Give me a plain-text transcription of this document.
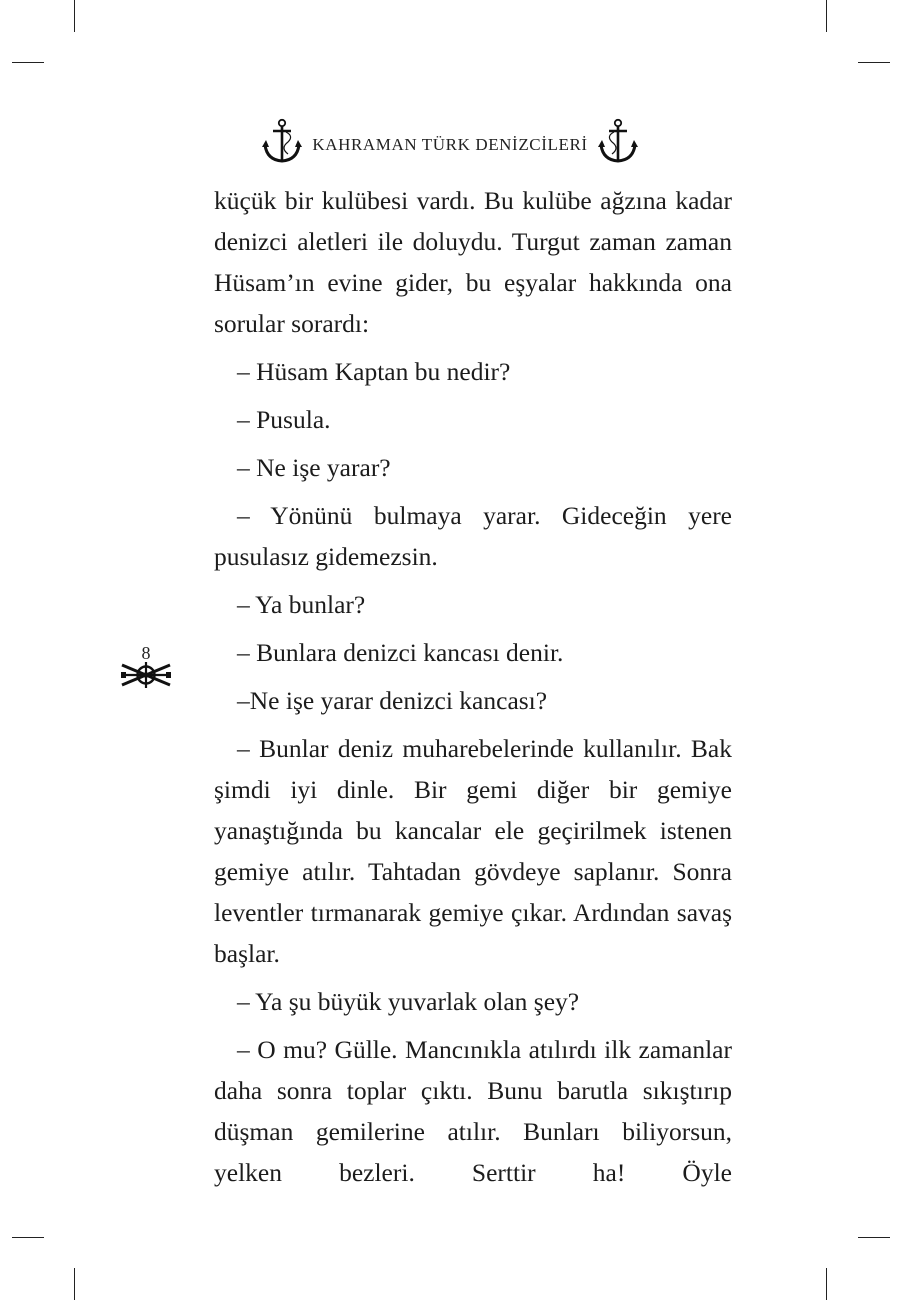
KAHRAMAN TÜRK DENİZCİLERİ
8

küçük bir kulübesi vardı. Bu kulübe ağzına kadar denizci aletleri ile doluydu. Turgut zaman zaman Hüsam’ın evine gider, bu eşyalar hakkında ona sorular sorardı:

– Hüsam Kaptan bu nedir?

– Pusula.

– Ne işe yarar?

– Yönünü bulmaya yarar. Gideceğin yere pusulasız gidemezsin.

– Ya bunlar?

– Bunlara denizci kancası denir.

–Ne işe yarar denizci kancası?

– Bunlar deniz muharebelerinde kullanılır. Bak şimdi iyi dinle. Bir gemi diğer bir gemiye yanaştığında bu kancalar ele geçirilmek istenen gemiye atılır. Tahtadan gövdeye saplanır. Sonra leventler tırmanarak gemiye çıkar. Ardından savaş başlar.

– Ya şu büyük yuvarlak olan şey?

– O mu? Gülle. Mancınıkla atılırdı ilk zamanlar daha sonra toplar çıktı. Bunu barutla sıkıştırıp düşman gemilerine atılır. Bunları biliyorsun, yelken bezleri. Serttir ha! Öyle
